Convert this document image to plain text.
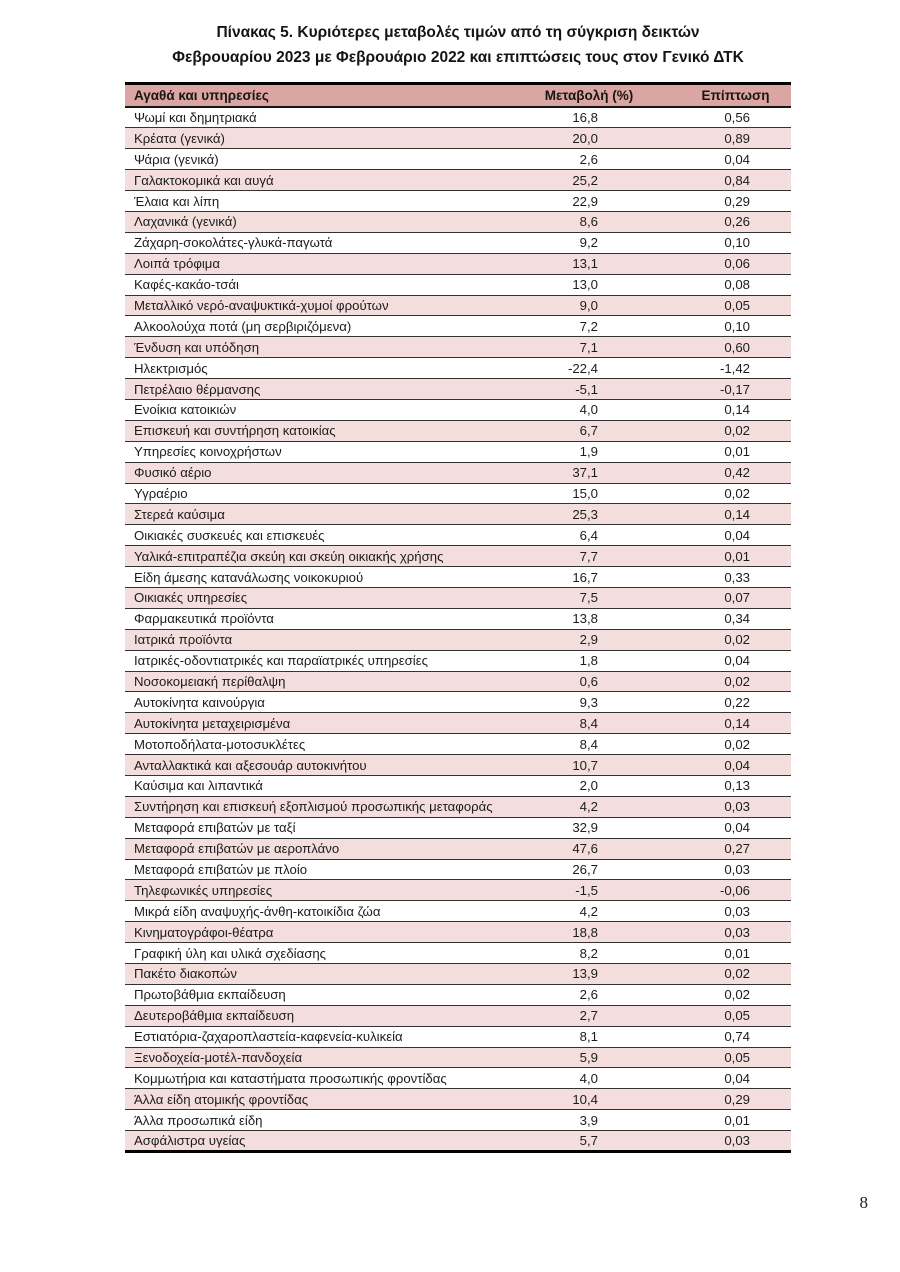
Πίνακας 5. Κυριότερες μεταβολές τιμών από τη σύγκριση δεικτών
Φεβρουαρίου 2023 με Φεβρουάριο 2022 και επιπτώσεις τους στον Γενικό ΔΤΚ
Αγαθά και υπηρεσίες	Μεταβολή (%)	Επίπτωση
Ψωμί και δημητριακά	16,8	0,56
Κρέατα (γενικά)	20,0	0,89
Ψάρια (γενικά)	2,6	0,04
Γαλακτοκομικά και αυγά	25,2	0,84
Έλαια και λίπη	22,9	0,29
Λαχανικά (γενικά)	8,6	0,26
Ζάχαρη-σοκολάτες-γλυκά-παγωτά	9,2	0,10
Λοιπά τρόφιμα	13,1	0,06
Καφές-κακάο-τσάι	13,0	0,08
Μεταλλικό νερό-αναψυκτικά-χυμοί φρούτων	9,0	0,05
Αλκοολούχα ποτά (μη σερβιριζόμενα)	7,2	0,10
Ένδυση και υπόδηση	7,1	0,60
Ηλεκτρισμός	-22,4	-1,42
Πετρέλαιο θέρμανσης	-5,1	-0,17
Ενοίκια κατοικιών	4,0	0,14
Επισκευή και συντήρηση κατοικίας	6,7	0,02
Υπηρεσίες κοινοχρήστων	1,9	0,01
Φυσικό αέριο	37,1	0,42
Υγραέριο	15,0	0,02
Στερεά καύσιμα	25,3	0,14
Οικιακές συσκευές και επισκευές	6,4	0,04
Υαλικά-επιτραπέζια σκεύη και σκεύη οικιακής χρήσης	7,7	0,01
Είδη άμεσης κατανάλωσης νοικοκυριού	16,7	0,33
Οικιακές υπηρεσίες	7,5	0,07
Φαρμακευτικά προϊόντα	13,8	0,34
Ιατρικά προϊόντα	2,9	0,02
Ιατρικές-οδοντιατρικές και παραϊατρικές υπηρεσίες	1,8	0,04
Νοσοκομειακή περίθαλψη	0,6	0,02
Αυτοκίνητα καινούργια	9,3	0,22
Αυτοκίνητα μεταχειρισμένα	8,4	0,14
Μοτοποδήλατα-μοτοσυκλέτες	8,4	0,02
Ανταλλακτικά και αξεσουάρ αυτοκινήτου	10,7	0,04
Καύσιμα και λιπαντικά	2,0	0,13
Συντήρηση και επισκευή εξοπλισμού προσωπικής μεταφοράς	4,2	0,03
Μεταφορά επιβατών με ταξί	32,9	0,04
Μεταφορά επιβατών με αεροπλάνο	47,6	0,27
Μεταφορά επιβατών με πλοίο	26,7	0,03
Τηλεφωνικές υπηρεσίες	-1,5	-0,06
Μικρά είδη αναψυχής-άνθη-κατοικίδια ζώα	4,2	0,03
Κινηματογράφοι-θέατρα	18,8	0,03
Γραφική ύλη και υλικά σχεδίασης	8,2	0,01
Πακέτο διακοπών	13,9	0,02
Πρωτοβάθμια εκπαίδευση	2,6	0,02
Δευτεροβάθμια εκπαίδευση	2,7	0,05
Εστιατόρια-ζαχαροπλαστεία-καφενεία-κυλικεία	8,1	0,74
Ξενοδοχεία-μοτέλ-πανδοχεία	5,9	0,05
Κομμωτήρια και καταστήματα προσωπικής φροντίδας	4,0	0,04
Άλλα είδη ατομικής φροντίδας	10,4	0,29
Άλλα προσωπικά είδη	3,9	0,01
Ασφάλιστρα υγείας	5,7	0,03
8
